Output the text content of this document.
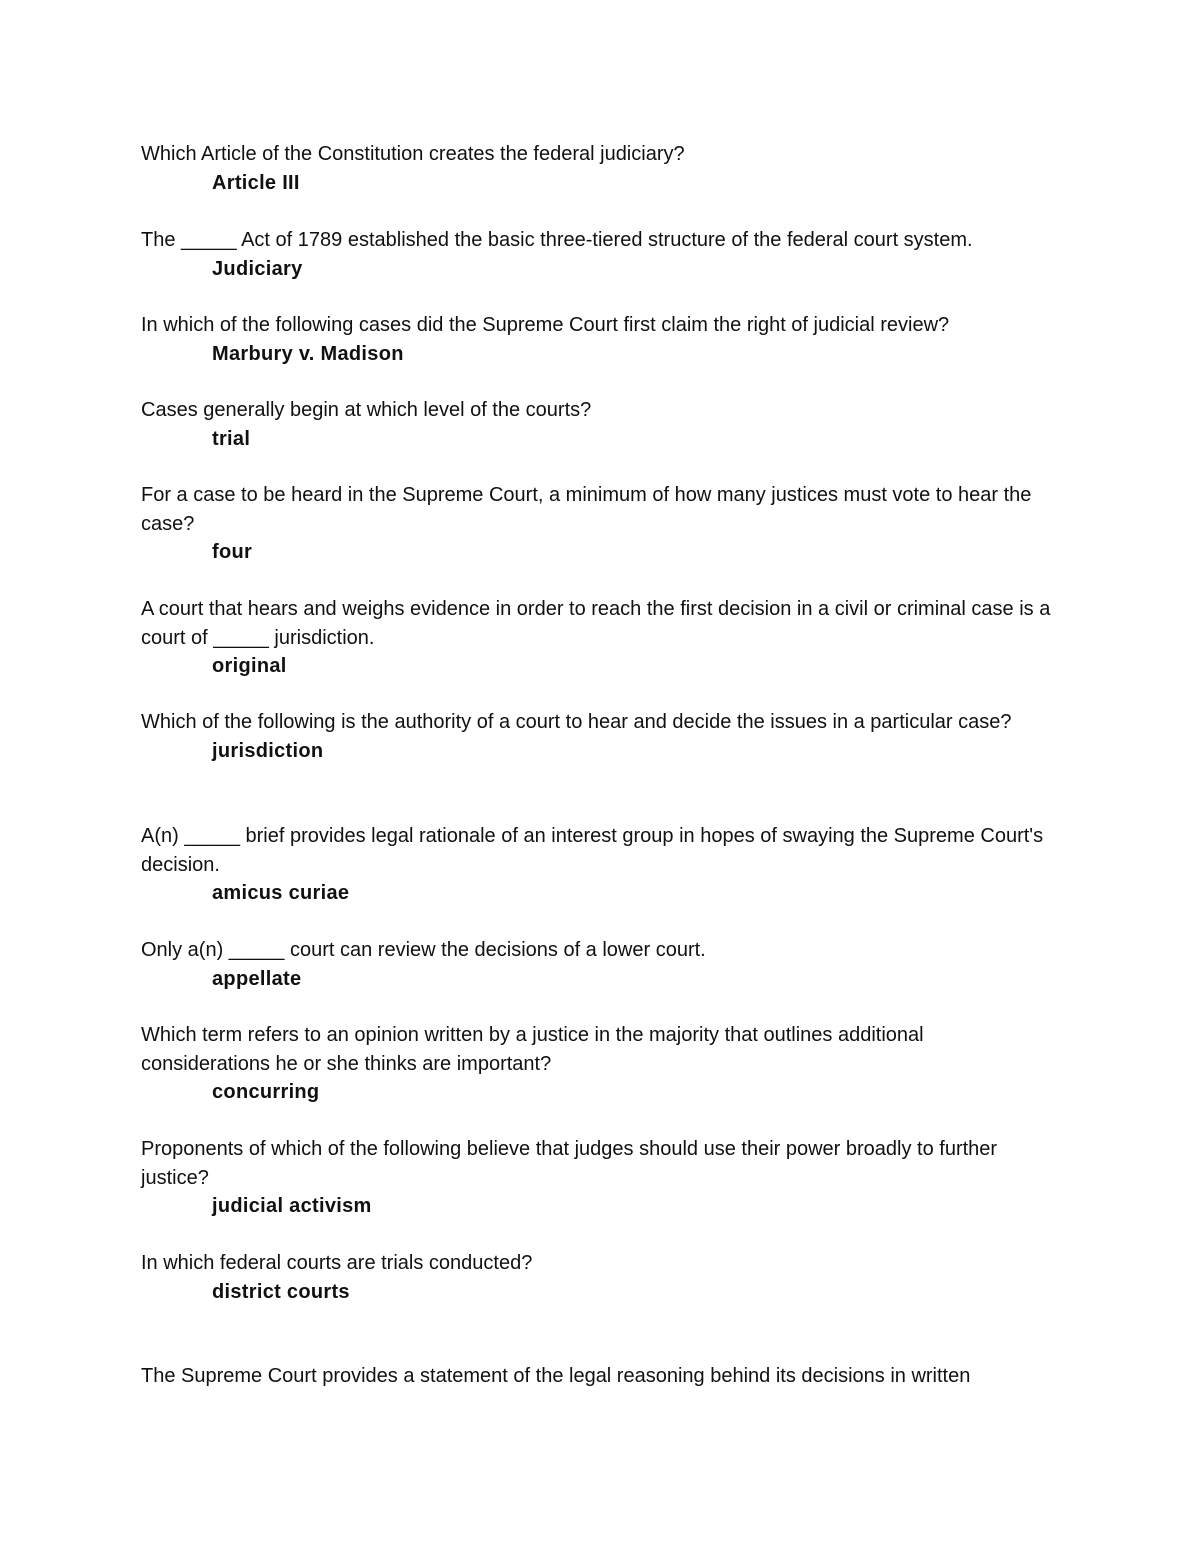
Which Article of the Constitution creates the federal judiciary?

Article III

The _____ Act of 1789 established the basic three-tiered structure of the federal court system.

Judiciary

In which of the following cases did the Supreme Court first claim the right of judicial review?

Marbury v. Madison

Cases generally begin at which level of the courts?

trial

For a case to be heard in the Supreme Court, a minimum of how many justices must vote to hear the case?

four

A court that hears and weighs evidence in order to reach the first decision in a civil or criminal case is a court of _____ jurisdiction.

original

Which of the following is the authority of a court to hear and decide the issues in a particular case?

jurisdiction

A(n) _____ brief provides legal rationale of an interest group in hopes of swaying the Supreme Court's decision.

amicus curiae

Only a(n) _____ court can review the decisions of a lower court.

appellate

Which term refers to an opinion written by a justice in the majority that outlines additional considerations he or she thinks are important?

concurring

Proponents of which of the following believe that judges should use their power broadly to further justice?

judicial activism

In which federal courts are trials conducted?

district courts

The Supreme Court provides a statement of the legal reasoning behind its decisions in written
